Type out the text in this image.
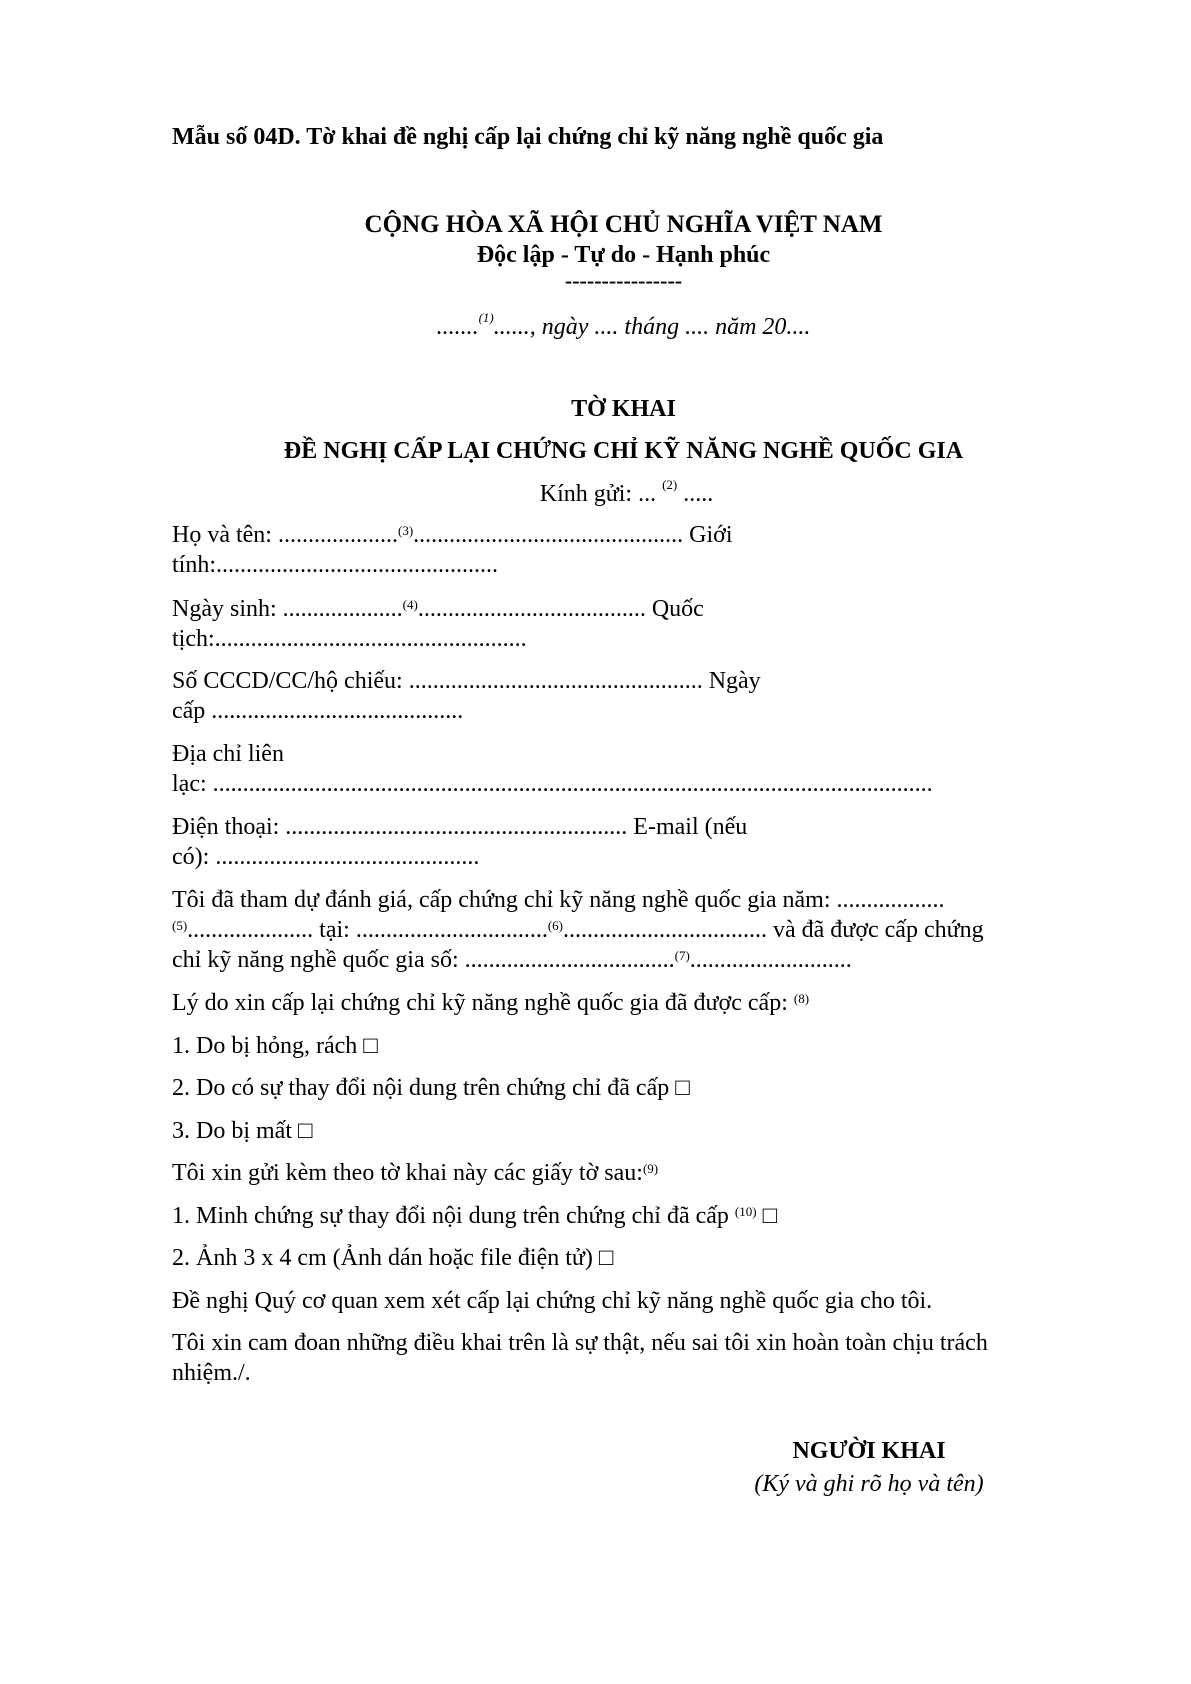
Mẫu số 04D. Tờ khai đề nghị cấp lại chứng chỉ kỹ năng nghề quốc gia
CỘNG HÒA XÃ HỘI CHỦ NGHĨA VIỆT NAM
Độc lập - Tự do - Hạnh phúc
----------------
.......$^{(1)}$......, ngày .... tháng .... năm 20....
TỜ KHAI
ĐỀ NGHỊ CẤP LẠI CHỨNG CHỈ KỸ NĂNG NGHỀ QUỐC GIA
Kính gửi: ... $^{(2)}$ .....
Họ và tên: ....................$^{(3)}$............................................. Giới
tính:...............................................
Ngày sinh: ....................$^{(4)}$...................................... Quốc
tịch:....................................................
Số CCCD/CC/hộ chiếu: ................................................. Ngày
cấp ..........................................
Địa chỉ liên
lạc: ........................................................................................................................
Điện thoại: ......................................................... E-mail (nếu
có): ............................................
Tôi đã tham dự đánh giá, cấp chứng chỉ kỹ năng nghề quốc gia năm: ..................
$^{(5)}$..................... tại: ................................$^{(6)}$.................................. và đã được cấp chứng
chỉ kỹ năng nghề quốc gia số: ...................................$^{(7)}$...........................
Lý do xin cấp lại chứng chỉ kỹ năng nghề quốc gia đã được cấp: $^{(8)}$
1. Do bị hỏng, rách □
2. Do có sự thay đổi nội dung trên chứng chỉ đã cấp □
3. Do bị mất □
Tôi xin gửi kèm theo tờ khai này các giấy tờ sau:$^{(9)}$
1. Minh chứng sự thay đổi nội dung trên chứng chỉ đã cấp $^{(10)}$ □
2. Ảnh 3 x 4 cm (Ảnh dán hoặc file điện tử) □
Đề nghị Quý cơ quan xem xét cấp lại chứng chỉ kỹ năng nghề quốc gia cho tôi.
Tôi xin cam đoan những điều khai trên là sự thật, nếu sai tôi xin hoàn toàn chịu trách
nhiệm./.
NGƯỜI KHAI
(Ký và ghi rõ họ và tên)
